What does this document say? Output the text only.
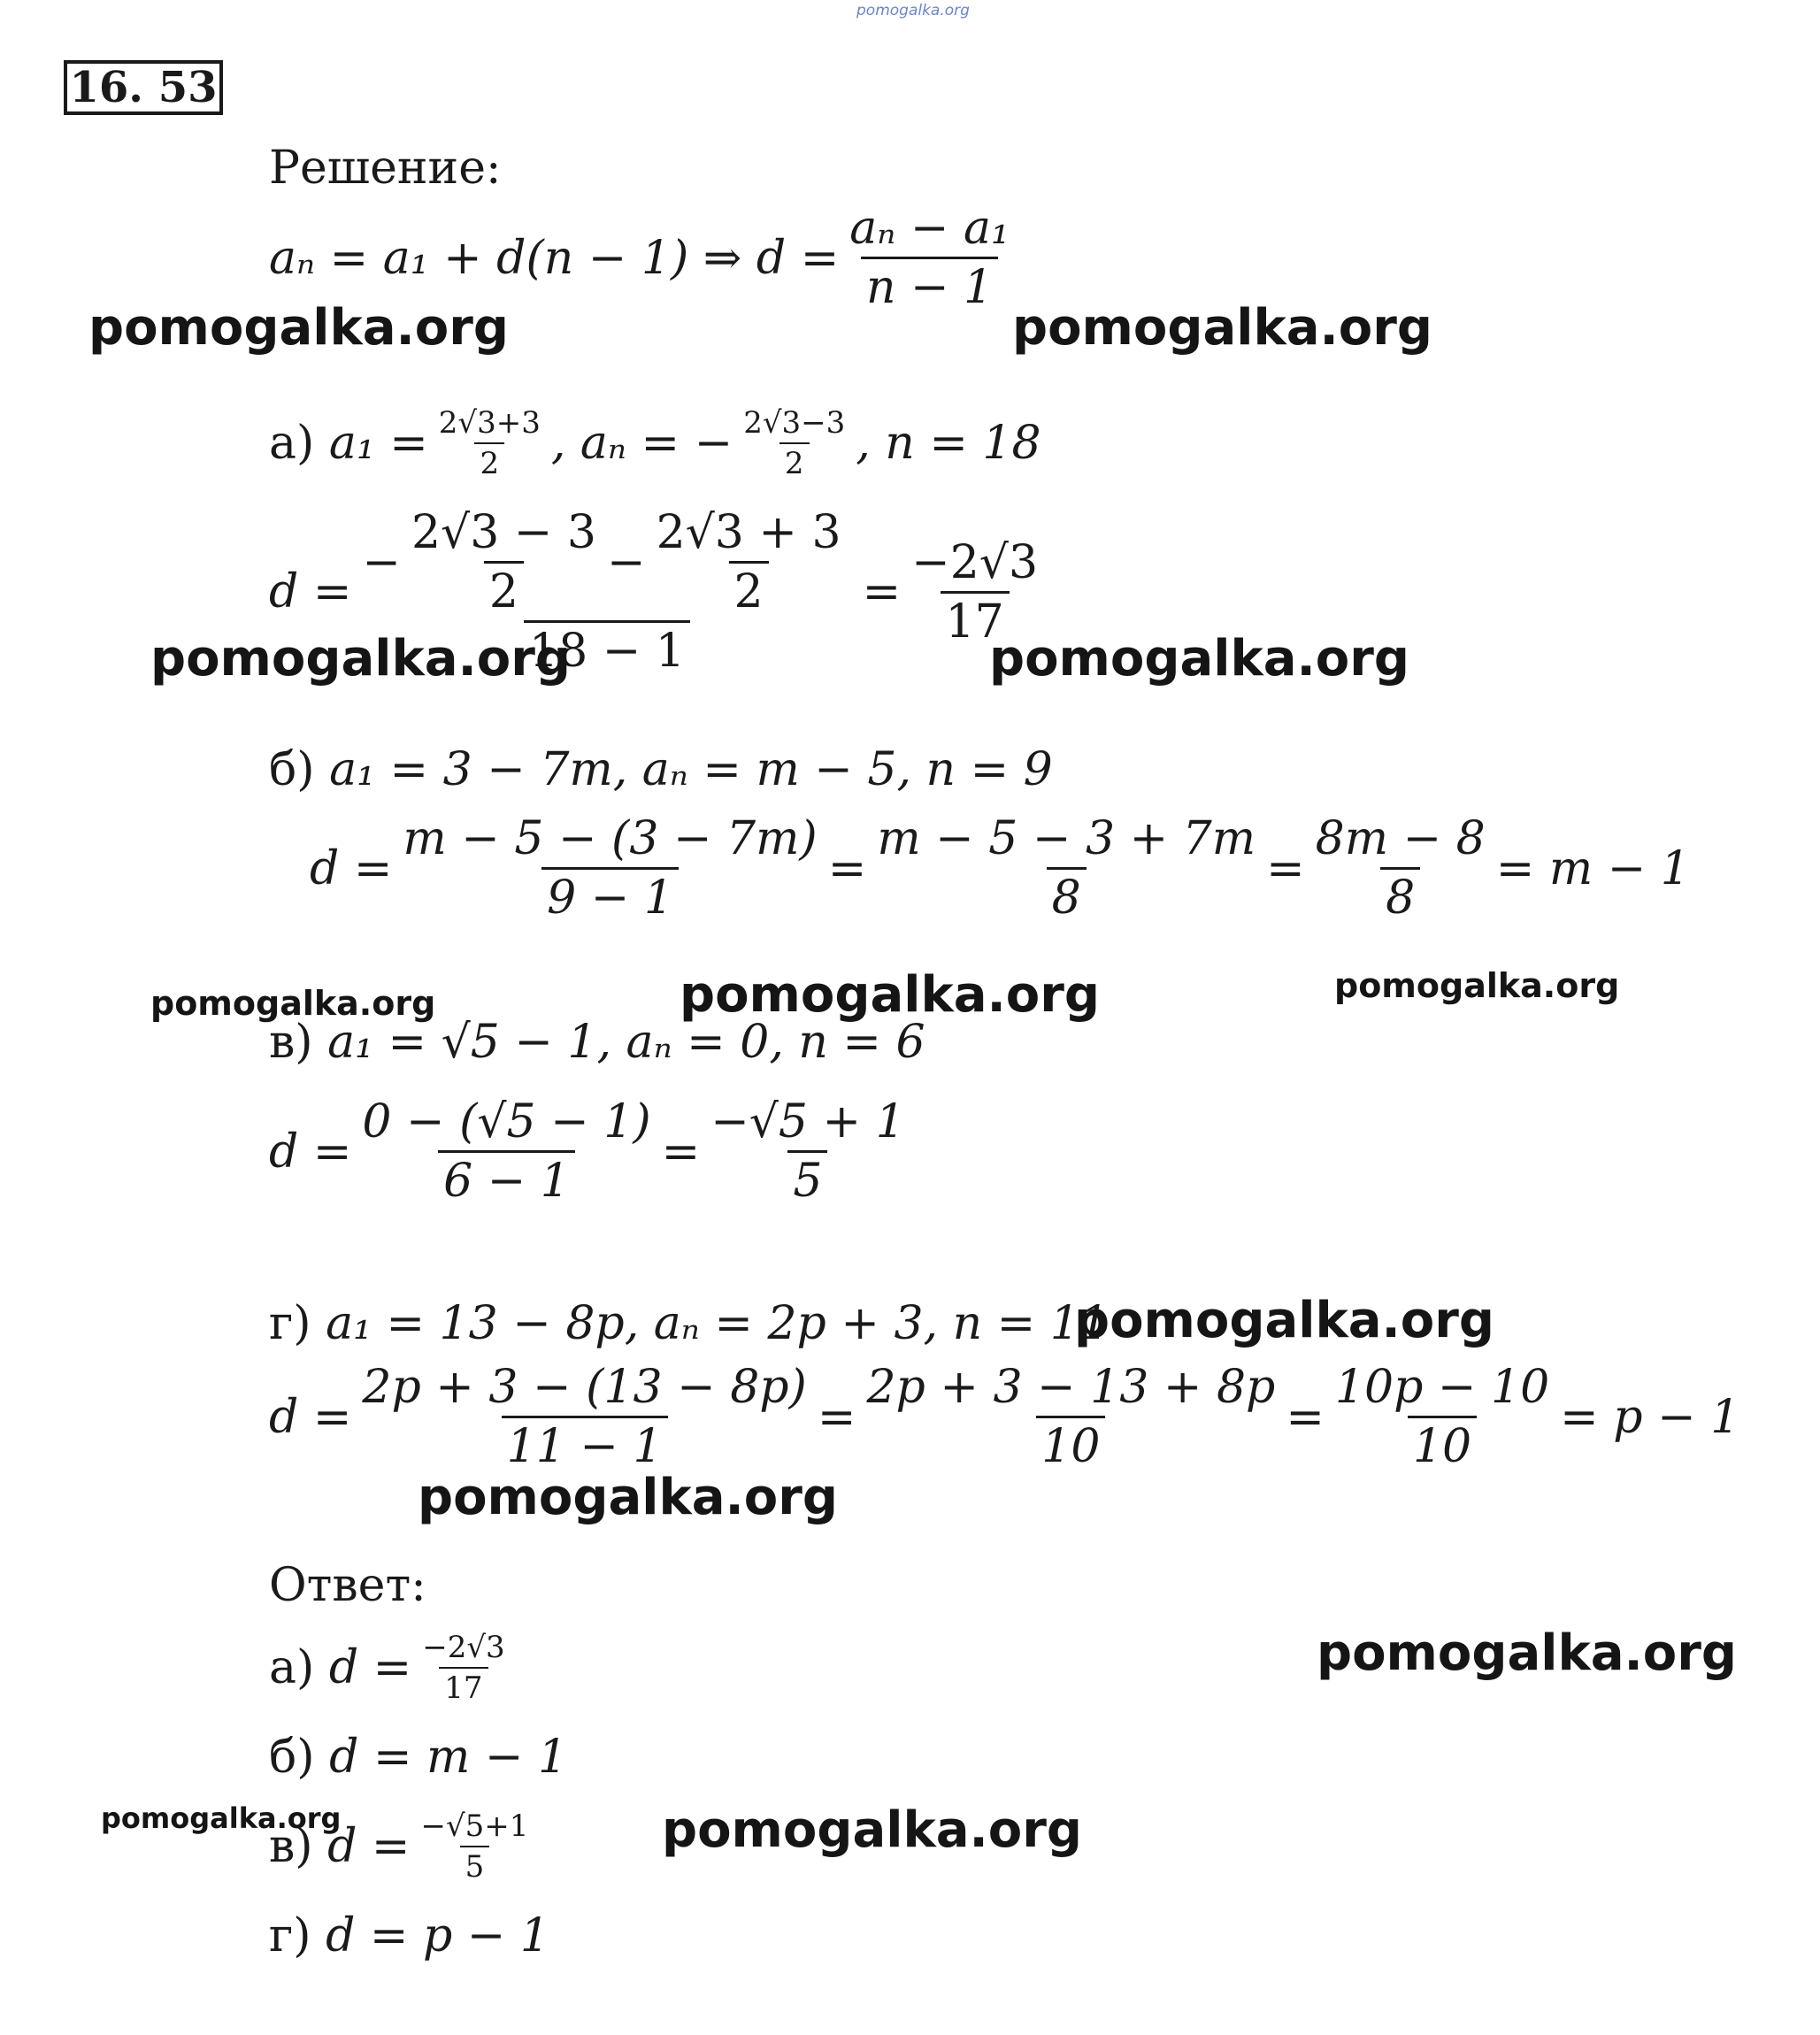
pomogalka.org
16. 53
Решение:
aₙ = a₁ + d(n − 1) ⇒ $d = \frac{\text{aₙ − a₁}}{n - 1}$
pomogalka.org	pomogalka.org
а)
$a_1 = \frac{2√3+3}{2}$ , aₙ = − $\frac{2√3-3}{2}$ , n = 18
d =
− $\frac{2√3 - 3}{2} - \frac{2√3 + 3}{2}$
18 − 1
= $\frac{-2√3}{17}$
pomogalka.org	pomogalka.org
б) a₁ = 3 − 7m, aₙ = m − 5, n = 9
$d = \frac{m - 5 - (3 - 7m)}{9 - 1} = \frac{m - 5 - 3 + 7m}{8} = \frac{8m - 8}{8} = m - 1$
pomogalka.org	pomogalka.org	pomogalka.org
в) a₁ = √5 − 1, aₙ = 0, n = 6
$d = \frac{0 - (√5 - 1)}{6 - 1} = \frac{-√5 + 1}{5}$
г) a₁ = 13 − 8p, aₙ = 2p + 3, n = 11
pomogalka.org
$d = \frac{2p + 3 - (13 - 8p)}{11 - 1} = \frac{2p + 3 - 13 + 8p}{10} = \frac{10p - 10}{10} = p - 1$
pomogalka.org
Ответ:
а)
$d = \frac{-2√3}{17}$	pomogalka.org
б) d = m − 1
pomogalka.org	pomogalka.org
в)
$d = \frac{-√5+1}{5}$
г) d = p − 1
